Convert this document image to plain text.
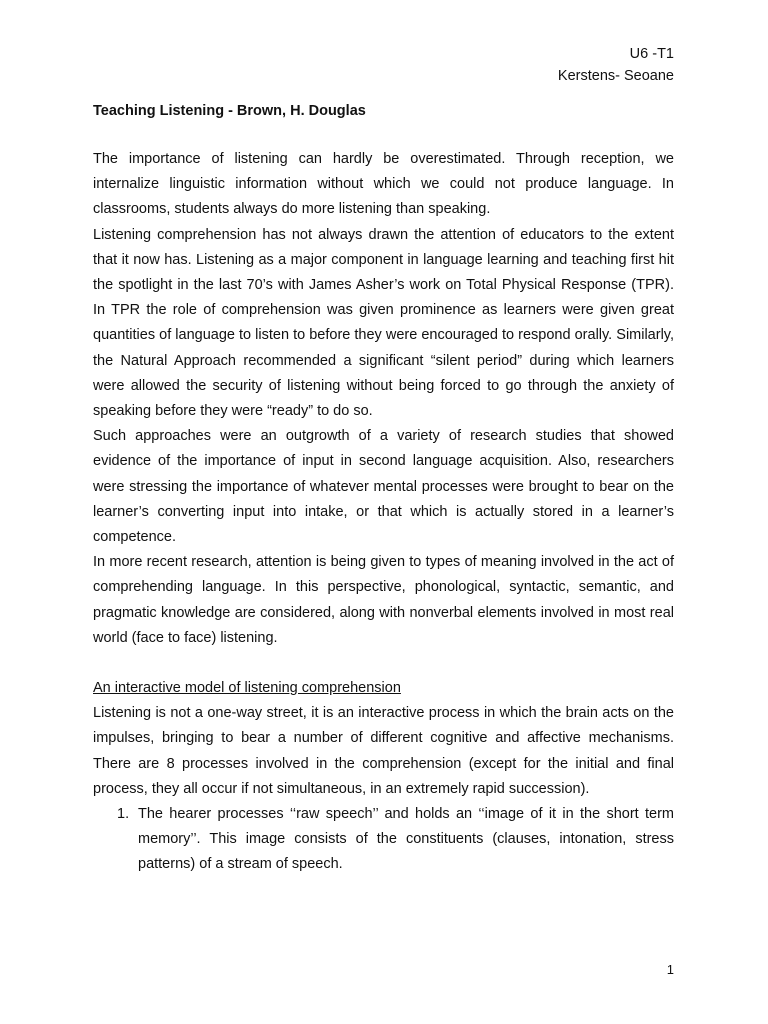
U6 -T1
Kerstens- Seoane
Teaching Listening - Brown, H. Douglas

The importance of listening can hardly be overestimated. Through reception, we internalize linguistic information without which we could not produce language. In classrooms, students always do more listening than speaking.

Listening comprehension has not always drawn the attention of educators to the extent that it now has. Listening as a major component in language learning and teaching first hit the spotlight in the last 70’s with James Asher’s work on Total Physical Response (TPR). In TPR the role of comprehension was given prominence as learners were given great quantities of language to listen to before they were encouraged to respond orally. Similarly, the Natural Approach recommended a significant “silent period” during which learners were allowed the security of listening without being forced to go through the anxiety of speaking before they were “ready” to do so.

Such approaches were an outgrowth of a variety of research studies that showed evidence of the importance of input in second language acquisition. Also, researchers were stressing the importance of whatever mental processes were brought to bear on the learner’s converting input into intake, or that which is actually stored in a learner’s competence.

In more recent research, attention is being given to types of meaning involved in the act of comprehending language. In this perspective, phonological, syntactic, semantic, and pragmatic knowledge are considered, along with nonverbal elements involved in most real world (face to face) listening.

An interactive model of listening comprehension

Listening is not a one-way street, it is an interactive process in which the brain acts on the impulses, bringing to bear a number of different cognitive and affective mechanisms. There are 8 processes involved in the comprehension (except for the initial and final process, they all occur if not simultaneous, in an extremely rapid succession).

1. The hearer processes ‘‘raw speech’’ and holds an ‘‘image of it in the short term memory’’. This image consists of the constituents (clauses, intonation, stress patterns) of a stream of speech.
1
